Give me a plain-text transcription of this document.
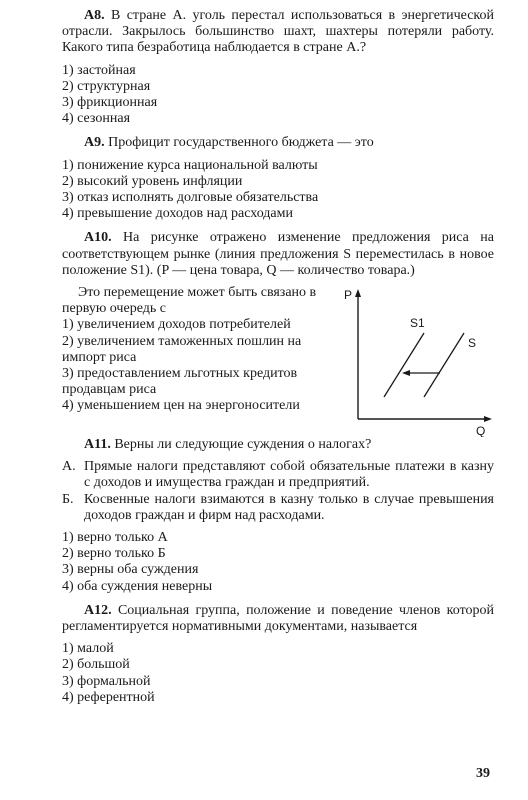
А8. В стране А. уголь перестал использоваться в энергетической отрасли. Закрылось большинство шахт, шахтеры потеряли работу. Какого типа безработица наблюдается в стране А.?

1) застойная
2) структурная
3) фрикционная
4) сезонная

А9. Профицит государственного бюджета — это

1) понижение курса национальной валюты
2) высокий уровень инфляции
3) отказ исполнять долговые обязательства
4) превышение доходов над расходами

А10. На рисунке отражено изменение предложения риса на соответствующем рынке (линия предложения S переместилась в новое положение S1). (P — цена товара, Q — количество товара.)

Это перемещение может быть связано в первую очередь с

1) увеличением доходов потребителей
2) увеличением таможенных пошлин на импорт риса
3) предоставлением льготных кредитов продавцам риса
4) уменьшением цен на энергоносители
P
Q
S1
S

А11. Верны ли следующие суждения о налогах?

А. Прямые налоги представляют собой обязательные платежи в казну с доходов и имущества граждан и предприятий.
Б. Косвенные налоги взимаются в казну только в случае превышения доходов граждан и фирм над расходами.
1) верно только А
2) верно только Б
3) верны оба суждения
4) оба суждения неверны

А12. Социальная группа, положение и поведение членов которой регламентируется нормативными документами, называется

1) малой
2) большой
3) формальной
4) референтной
39
